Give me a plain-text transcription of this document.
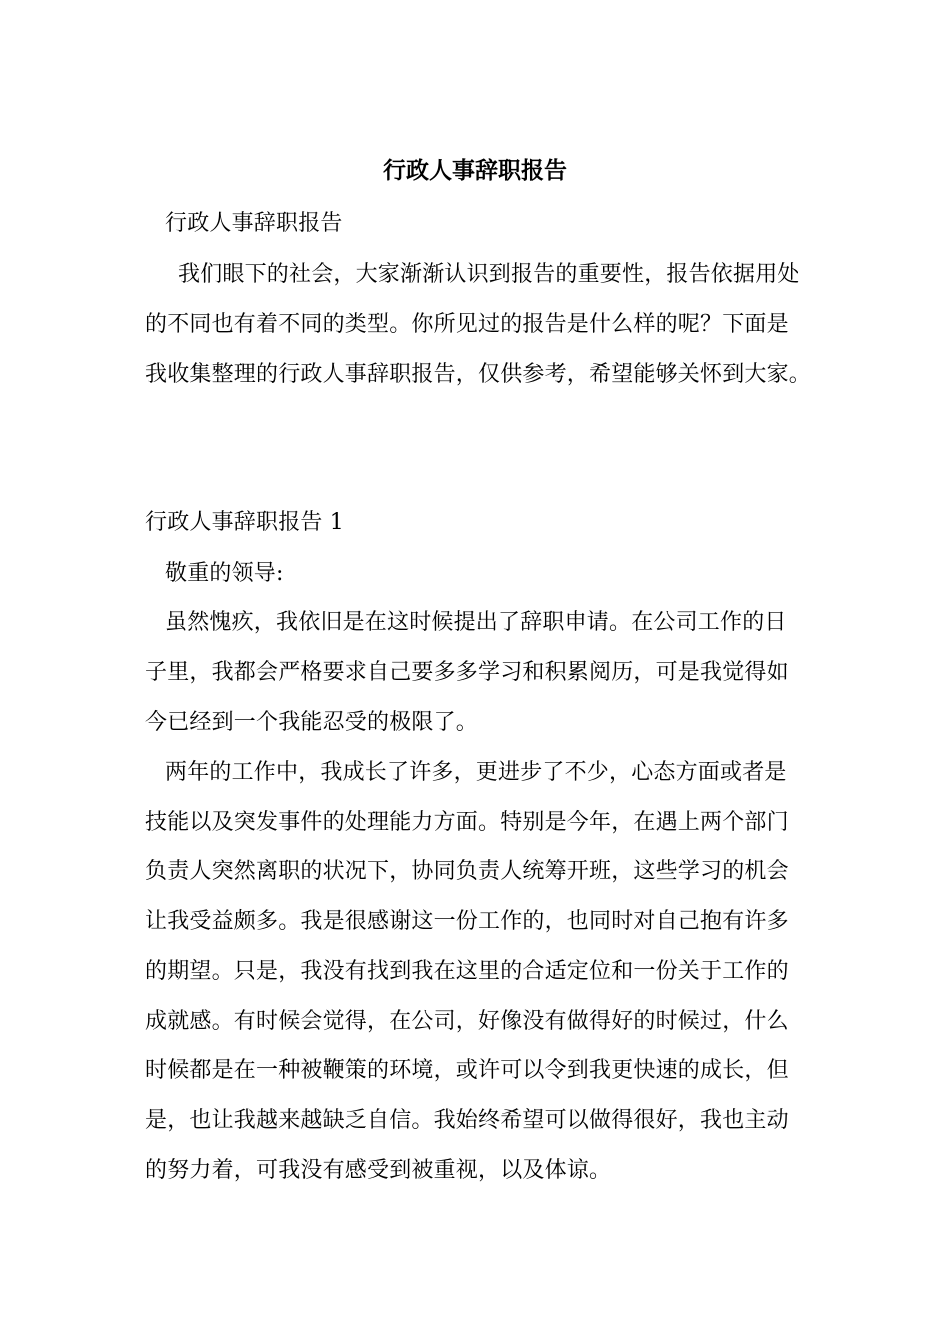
行政人事辞职报告
行政人事辞职报告
我们眼下的社会，大家渐渐认识到报告的重要性，报告依据用处
的不同也有着不同的类型。你所见过的报告是什么样的呢？下面是
我收集整理的行政人事辞职报告，仅供参考，希望能够关怀到大家。
行政人事辞职报告 1
敬重的领导:
虽然愧疚，我依旧是在这时候提出了辞职申请。在公司工作的日
子里，我都会严格要求自己要多多学习和积累阅历，可是我觉得如
今已经到一个我能忍受的极限了。
两年的工作中，我成长了许多，更进步了不少，心态方面或者是
技能以及突发事件的处理能力方面。特别是今年，在遇上两个部门
负责人突然离职的状况下，协同负责人统筹开班，这些学习的机会
让我受益颇多。我是很感谢这一份工作的，也同时对自己抱有许多
的期望。只是，我没有找到我在这里的合适定位和一份关于工作的
成就感。有时候会觉得，在公司，好像没有做得好的时候过，什么
时候都是在一种被鞭策的环境，或许可以令到我更快速的成长，但
是，也让我越来越缺乏自信。我始终希望可以做得很好，我也主动
的努力着，可我没有感受到被重视，以及体谅。
